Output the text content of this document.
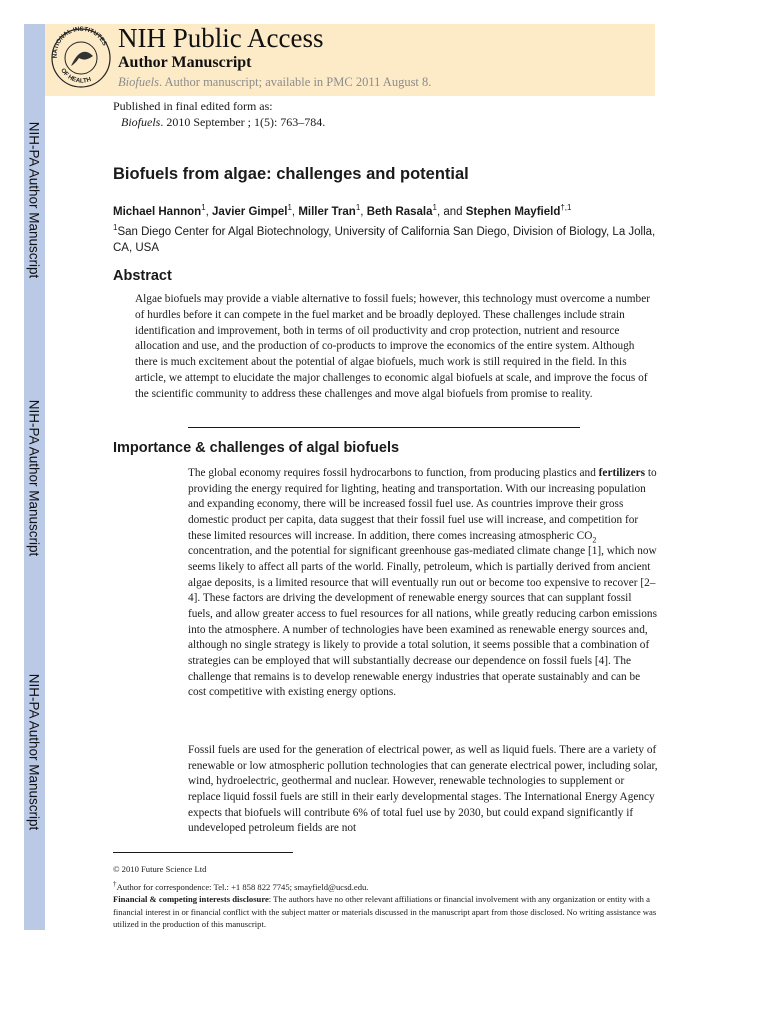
NIH-PA Author Manuscript
NIH-PA Author Manuscript
NIH-PA Author Manuscript
NATIONAL INSTITUTES
OF HEALTH
NIH Public Access
Author Manuscript
Biofuels. Author manuscript; available in PMC 2011 August 8.
Published in final edited form as:
Biofuels. 2010 September ; 1(5): 763–784.
Biofuels from algae: challenges and potential
Michael Hannon$^1$, Javier Gimpel$^1$, Miller Tran$^1$, Beth Rasala$^1$, and Stephen Mayfield$^{\dagger,1}$
$^1$San Diego Center for Algal Biotechnology, University of California San Diego, Division of Biology, La Jolla, CA, USA
Abstract
Algae biofuels may provide a viable alternative to fossil fuels; however, this technology must overcome a number of hurdles before it can compete in the fuel market and be broadly deployed. These challenges include strain identification and improvement, both in terms of oil productivity and crop protection, nutrient and resource allocation and use, and the production of co-products to improve the economics of the entire system. Although there is much excitement about the potential of algae biofuels, much work is still required in the field. In this article, we attempt to elucidate the major challenges to economic algal biofuels at scale, and improve the focus of the scientific community to address these challenges and move algal biofuels from promise to reality.
Importance & challenges of algal biofuels
The global economy requires fossil hydrocarbons to function, from producing plastics and fertilizers to providing the energy required for lighting, heating and transportation. With our increasing population and expanding economy, there will be increased fossil fuel use. As countries improve their gross domestic product per capita, data suggest that their fossil fuel use will increase, and competition for these limited resources will increase. In addition, there comes increasing atmospheric $CO_2$ concentration, and the potential for significant greenhouse gas-mediated climate change [1], which now seems likely to affect all parts of the world. Finally, petroleum, which is partially derived from ancient algae deposits, is a limited resource that will eventually run out or become too expensive to recover [2–4]. These factors are driving the development of renewable energy sources that can supplant fossil fuels, and allow greater access to fuel resources for all nations, while greatly reducing carbon emissions into the atmosphere. A number of technologies have been examined as renewable energy sources and, although no single strategy is likely to provide a total solution, it seems possible that a combination of strategies can be employed that will substantially decrease our dependence on fossil fuels [4]. The challenge that remains is to develop renewable energy industries that operate sustainably and can be cost competitive with existing energy options.
Fossil fuels are used for the generation of electrical power, as well as liquid fuels. There are a variety of renewable or low atmospheric pollution technologies that can generate electrical power, including solar, wind, hydroelectric, geothermal and nuclear. However, renewable technologies to supplement or replace liquid fossil fuels are still in their early developmental stages. The International Energy Agency expects that biofuels will contribute 6% of total fuel use by 2030, but could expand significantly if undeveloped petroleum fields are not
© 2010 Future Science Ltd
†Author for correspondence: Tel.: +1 858 822 7745; smayfield@ucsd.edu.
Financial & competing interests disclosure: The authors have no other relevant affiliations or financial involvement with any organization or entity with a financial interest in or financial conflict with the subject matter or materials discussed in the manuscript apart from those disclosed. No writing assistance was utilized in the production of this manuscript.
